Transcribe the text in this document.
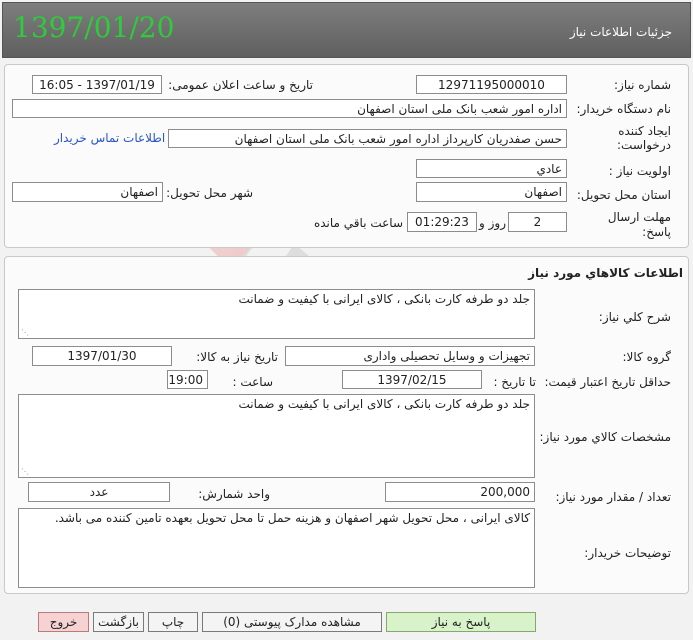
جزئیات اطلاعات نیاز
1397/01/20
شماره نیاز:
12971195000010
تاریخ و ساعت اعلان عمومی:
1397/01/19 - 16:05
نام دستگاه خریدار:
اداره امور شعب بانک ملی استان اصفهان
ایجاد کننده
درخواست:
حسن صفدریان کارپرداز اداره امور شعب بانک ملی استان اصفهان
اطلاعات تماس خریدار
اولویت نیاز :
عادي
استان محل تحویل:
اصفهان
شهر محل تحویل:
اصفهان
مهلت ارسال
پاسخ:
2
روز و
01:29:23
ساعت باقي مانده
اطلاعات کالاهاي مورد نياز
شرح کلي نياز:
جلد دو طرفه کارت بانکی ، کالای ایرانی با کیفیت و ضمانت
⋰
گروه کالا:
تجهیزات و وسایل تحصیلی واداری
تاریخ نیاز به کالا:
1397/01/30
حداقل تاریخ اعتبار قیمت:
تا تاریخ :
1397/02/15
ساعت :
19:00
مشخصات کالاي مورد نياز:
جلد دو طرفه کارت بانکی ، کالای ایرانی با کیفیت و ضمانت
⋰
تعداد / مقدار مورد نیاز:
200,000
واحد شمارش:
عدد
توضیحات خریدار:
کالای ایرانی ، محل تحویل شهر اصفهان و هزینه حمل تا محل تحویل بعهده تامین کننده می باشد.
پاسخ به نیاز
مشاهده مدارک پیوستی (0)
چاپ
بازگشت
خروج
